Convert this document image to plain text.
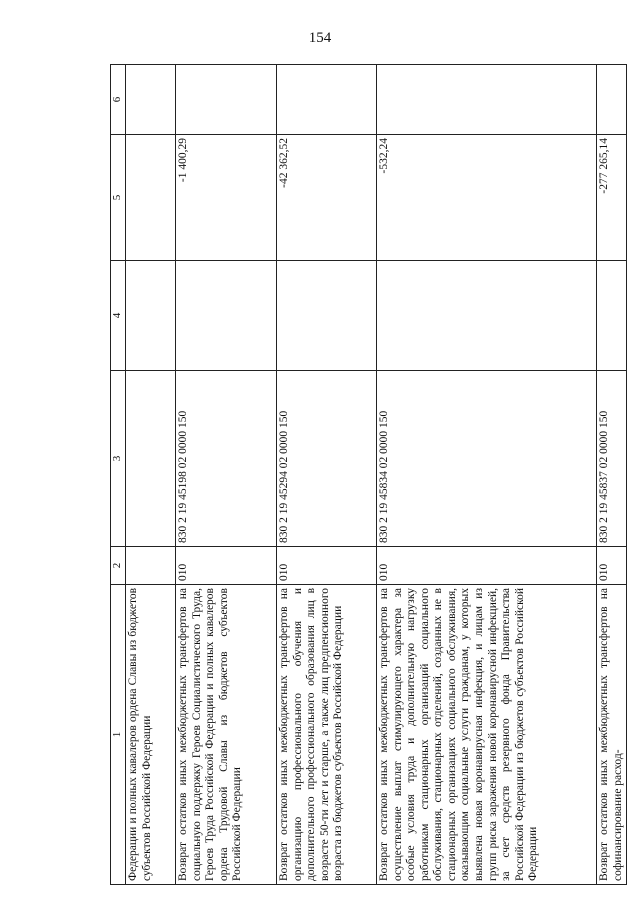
154
1	2	3	4	5	6
Федерации и полных кавалеров ордена Славы из бюджетов субъектов Российской Федерации					
Возврат остатков иных межбюджетных трансфертов на социальную поддержку Героев Социалистического Труда, Героев Труда Российской Федерации и полных кавалеров ордена Трудовой Славы из бюджетов субъектов Российской Федерации	010	830 2 19 45198 02 0000 150		-1 400,29	
Возврат остатков иных межбюджетных трансфертов на организацию профессионального обучения и дополнительного профессионального образования лиц в возрасте 50-ти лет и старше, а также лиц предпенсионного возраста из бюджетов субъектов Российской Федерации	010	830 2 19 45294 02 0000 150		-42 362,52	
Возврат остатков иных межбюджетных трансфертов на осуществление выплат стимулирующего характера за особые условия труда и дополнительную нагрузку работникам стационарных организаций социального обслуживания, стационарных отделений, созданных не в стационарных организациях социального обслуживания, оказывающим социальные услуги гражданам, у которых выявлена новая коронавирусная инфекция, и лицам из групп риска заражения новой коронавирусной инфекцией, за счет средств резервного фонда Правительства Российской Федерации из бюджетов субъектов Российской Федерации	010	830 2 19 45834 02 0000 150		-532,24	
Возврат остатков иных межбюджетных трансфертов на софинансирование расход-	010	830 2 19 45837 02 0000 150		-277 265,14	
